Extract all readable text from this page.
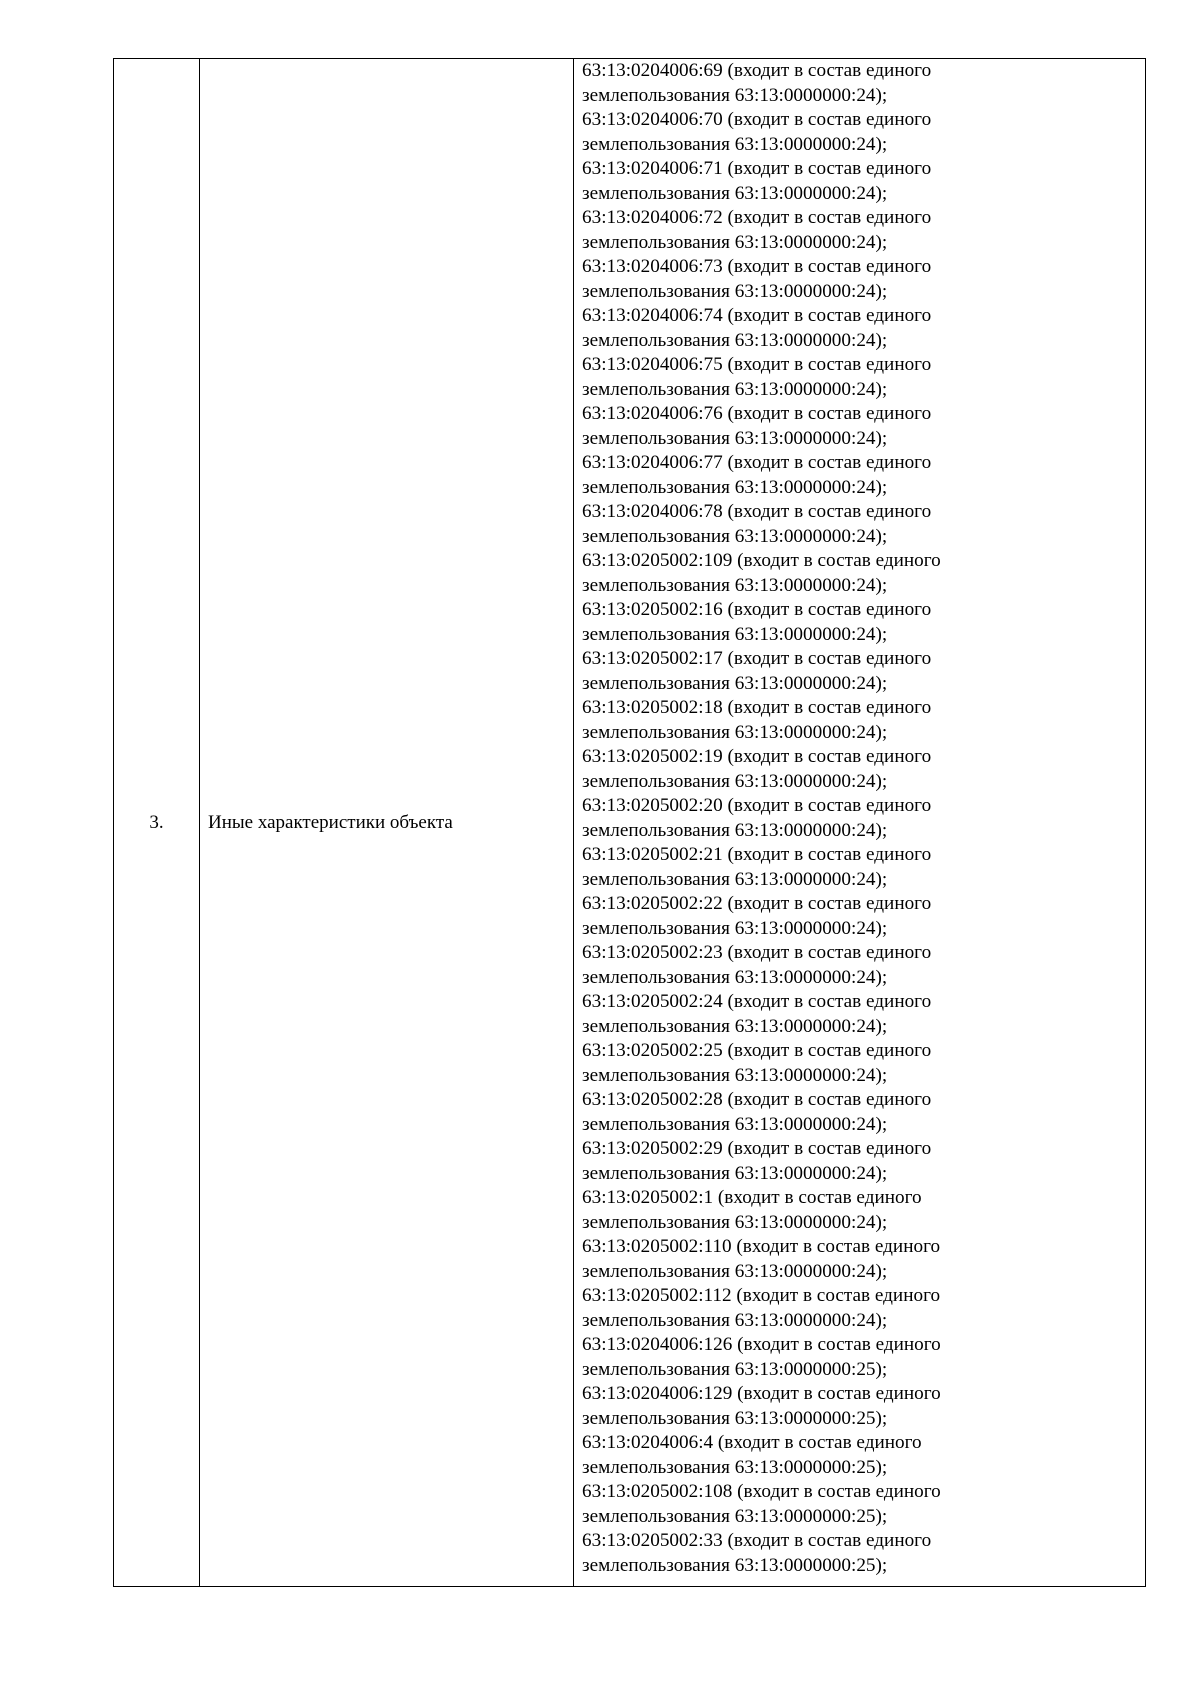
3.	Иные характеристики объекта	
63:13:0204006:69 (входит в состав единого
землепользования 63:13:0000000:24);
63:13:0204006:70 (входит в состав единого
землепользования 63:13:0000000:24);
63:13:0204006:71 (входит в состав единого
землепользования 63:13:0000000:24);
63:13:0204006:72 (входит в состав единого
землепользования 63:13:0000000:24);
63:13:0204006:73 (входит в состав единого
землепользования 63:13:0000000:24);
63:13:0204006:74 (входит в состав единого
землепользования 63:13:0000000:24);
63:13:0204006:75 (входит в состав единого
землепользования 63:13:0000000:24);
63:13:0204006:76 (входит в состав единого
землепользования 63:13:0000000:24);
63:13:0204006:77 (входит в состав единого
землепользования 63:13:0000000:24);
63:13:0204006:78 (входит в состав единого
землепользования 63:13:0000000:24);
63:13:0205002:109 (входит в состав единого
землепользования 63:13:0000000:24);
63:13:0205002:16 (входит в состав единого
землепользования 63:13:0000000:24);
63:13:0205002:17 (входит в состав единого
землепользования 63:13:0000000:24);
63:13:0205002:18 (входит в состав единого
землепользования 63:13:0000000:24);
63:13:0205002:19 (входит в состав единого
землепользования 63:13:0000000:24);
63:13:0205002:20 (входит в состав единого
землепользования 63:13:0000000:24);
63:13:0205002:21 (входит в состав единого
землепользования 63:13:0000000:24);
63:13:0205002:22 (входит в состав единого
землепользования 63:13:0000000:24);
63:13:0205002:23 (входит в состав единого
землепользования 63:13:0000000:24);
63:13:0205002:24 (входит в состав единого
землепользования 63:13:0000000:24);
63:13:0205002:25 (входит в состав единого
землепользования 63:13:0000000:24);
63:13:0205002:28 (входит в состав единого
землепользования 63:13:0000000:24);
63:13:0205002:29 (входит в состав единого
землепользования 63:13:0000000:24);
63:13:0205002:1 (входит в состав единого
землепользования 63:13:0000000:24);
63:13:0205002:110 (входит в состав единого
землепользования 63:13:0000000:24);
63:13:0205002:112 (входит в состав единого
землепользования 63:13:0000000:24);
63:13:0204006:126 (входит в состав единого
землепользования 63:13:0000000:25);
63:13:0204006:129 (входит в состав единого
землепользования 63:13:0000000:25);
63:13:0204006:4 (входит в состав единого
землепользования 63:13:0000000:25);
63:13:0205002:108 (входит в состав единого
землепользования 63:13:0000000:25);
63:13:0205002:33 (входит в состав единого
землепользования 63:13:0000000:25);
